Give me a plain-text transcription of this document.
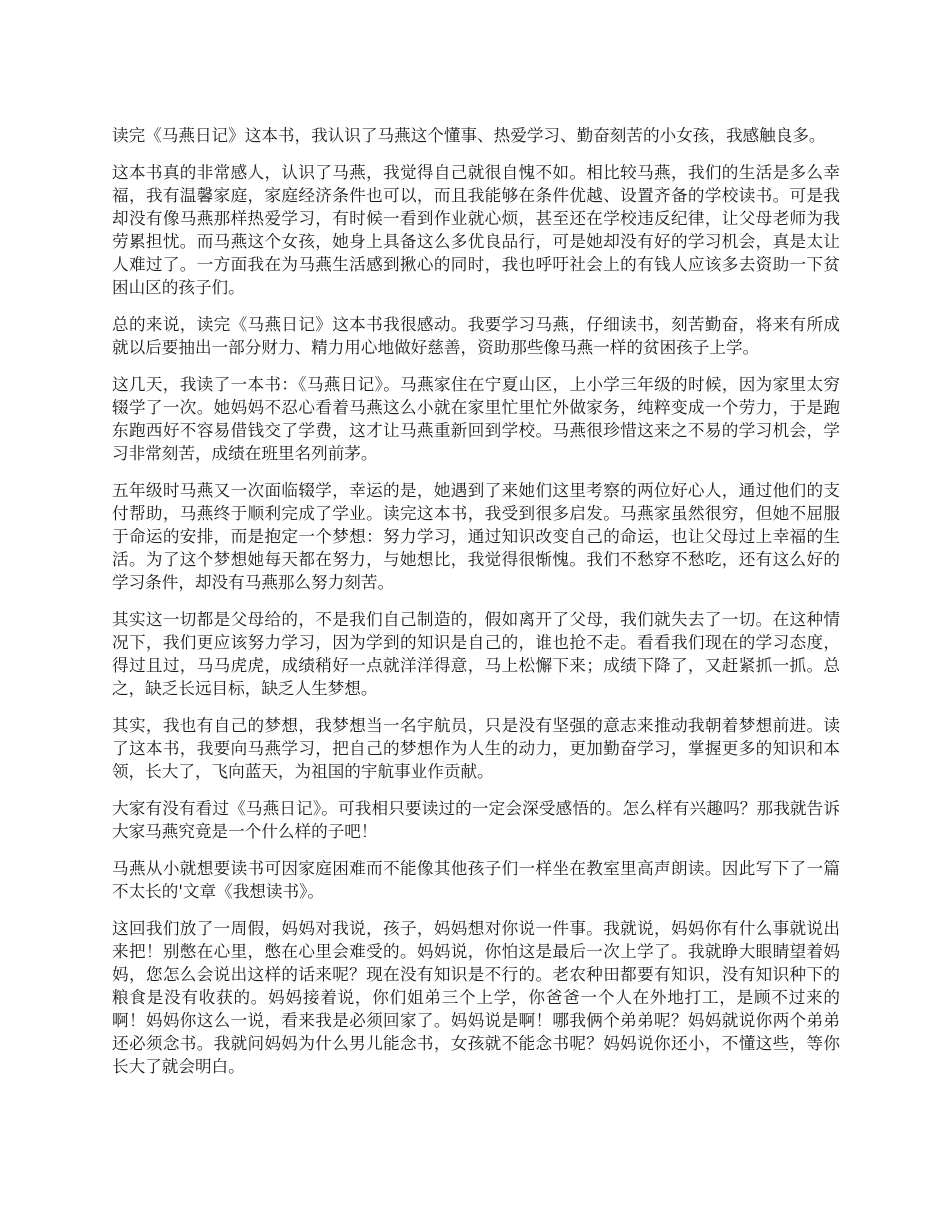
读完《马燕日记》这本书，我认识了马燕这个懂事、热爱学习、勤奋刻苦的小女孩，我感触良多。

这本书真的非常感人，认识了马燕，我觉得自己就很自愧不如。相比较马燕，我们的生活是多么幸福，我有温馨家庭，家庭经济条件也可以，而且我能够在条件优越、设置齐备的学校读书。可是我却没有像马燕那样热爱学习，有时候一看到作业就心烦，甚至还在学校违反纪律，让父母老师为我劳累担忧。而马燕这个女孩，她身上具备这么多优良品行，可是她却没有好的学习机会，真是太让人难过了。一方面我在为马燕生活感到揪心的同时，我也呼吁社会上的有钱人应该多去资助一下贫困山区的孩子们。

总的来说，读完《马燕日记》这本书我很感动。我要学习马燕，仔细读书，刻苦勤奋，将来有所成就以后要抽出一部分财力、精力用心地做好慈善，资助那些像马燕一样的贫困孩子上学。

这几天，我读了一本书：《马燕日记》。马燕家住在宁夏山区，上小学三年级的时候，因为家里太穷辍学了一次。她妈妈不忍心看着马燕这么小就在家里忙里忙外做家务，纯粹变成一个劳力，于是跑东跑西好不容易借钱交了学费，这才让马燕重新回到学校。马燕很珍惜这来之不易的学习机会，学习非常刻苦，成绩在班里名列前茅。

五年级时马燕又一次面临辍学，幸运的是，她遇到了来她们这里考察的两位好心人，通过他们的支付帮助，马燕终于顺利完成了学业。读完这本书，我受到很多启发。马燕家虽然很穷，但她不屈服于命运的安排，而是抱定一个梦想：努力学习，通过知识改变自己的命运，也让父母过上幸福的生活。为了这个梦想她每天都在努力，与她想比，我觉得很惭愧。我们不愁穿不愁吃，还有这么好的学习条件，却没有马燕那么努力刻苦。

其实这一切都是父母给的，不是我们自己制造的，假如离开了父母，我们就失去了一切。在这种情况下，我们更应该努力学习，因为学到的知识是自己的，谁也抢不走。看看我们现在的学习态度，得过且过，马马虎虎，成绩稍好一点就洋洋得意，马上松懈下来；成绩下降了，又赶紧抓一抓。总之，缺乏长远目标，缺乏人生梦想。

其实，我也有自己的梦想，我梦想当一名宇航员，只是没有坚强的意志来推动我朝着梦想前进。读了这本书，我要向马燕学习，把自己的梦想作为人生的动力，更加勤奋学习，掌握更多的知识和本领，长大了，飞向蓝天，为祖国的宇航事业作贡献。

大家有没有看过《马燕日记》。可我相只要读过的一定会深受感悟的。怎么样有兴趣吗？那我就告诉大家马燕究竟是一个什么样的子吧！

马燕从小就想要读书可因家庭困难而不能像其他孩子们一样坐在教室里高声朗读。因此写下了一篇不太长的'文章《我想读书》。

这回我们放了一周假，妈妈对我说，孩子，妈妈想对你说一件事。我就说，妈妈你有什么事就说出来把！别憋在心里，憋在心里会难受的。妈妈说，你怕这是最后一次上学了。我就睁大眼睛望着妈妈，您怎么会说出这样的话来呢？现在没有知识是不行的。老农种田都要有知识，没有知识种下的粮食是没有收获的。妈妈接着说，你们姐弟三个上学，你爸爸一个人在外地打工，是顾不过来的啊！妈妈你这么一说，看来我是必须回家了。妈妈说是啊！哪我俩个弟弟呢？妈妈就说你两个弟弟还必须念书。我就问妈妈为什么男儿能念书，女孩就不能念书呢？妈妈说你还小，不懂这些，等你长大了就会明白。
